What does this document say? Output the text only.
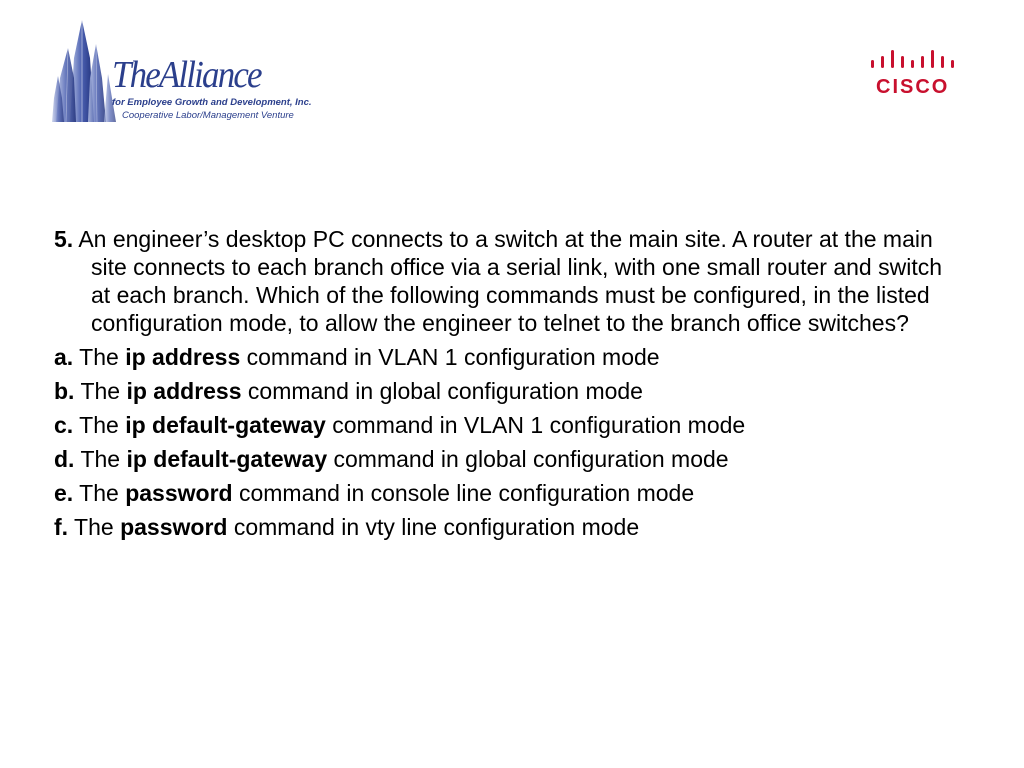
TheAlliance
for Employee Growth and Development, Inc.
Cooperative Labor/Management Venture
CISCO

5. An engineer’s desktop PC connects to a switch at the main site. A router at the main site connects to each branch office via a serial link, with one small router and switch at each branch. Which of the following commands must be configured, in the listed configuration mode, to allow the engineer to telnet to the branch office switches?

a. The ip address command in VLAN 1 configuration mode

b. The ip address command in global configuration mode

c. The ip default-gateway command in VLAN 1 configuration mode

d. The ip default-gateway command in global configuration mode

e. The password command in console line configuration mode

f. The password command in vty line configuration mode
